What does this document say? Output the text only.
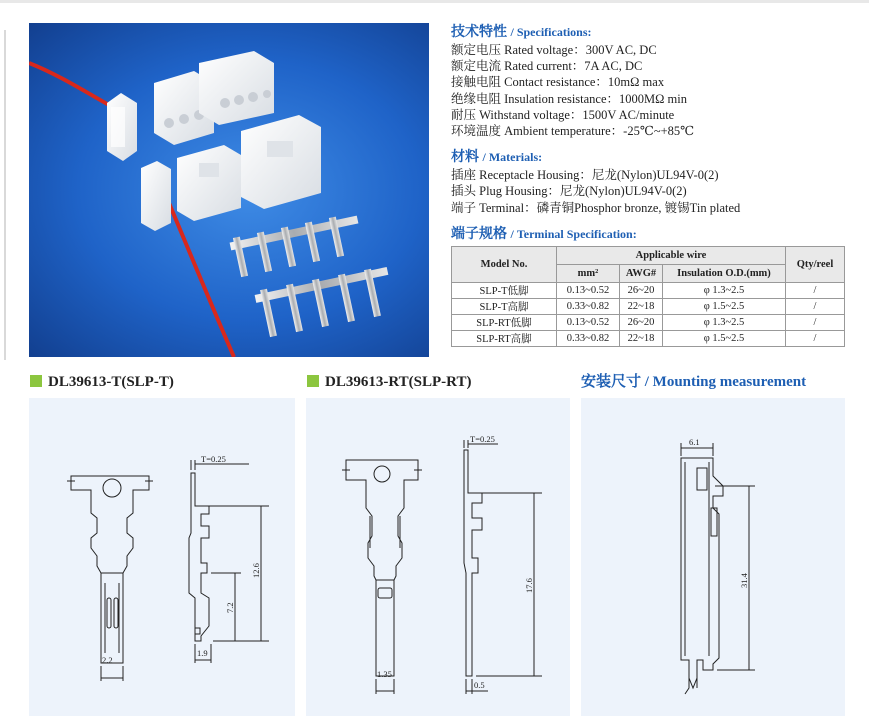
技术特性 / Specifications:
额定电压 Rated voltage：300V AC, DC
额定电流 Rated current：7A AC, DC
接触电阻 Contact resistance：10mΩ max
绝缘电阻 Insulation resistance：1000MΩ min
耐压 Withstand voltage：1500V AC/minute
环境温度 Ambient temperature：-25℃~+85℃
材料 / Materials:
插座 Receptacle Housing：尼龙(Nylon)UL94V-0(2)
插头 Plug Housing：尼龙(Nylon)UL94V-0(2)
端子 Terminal：磷青铜Phosphor bronze, 镀锡Tin plated
端子规格 / Terminal Specification:
Model No.	Applicable wire			Qty/reel
	mm²	AWG#	Insulation O.D.(mm)	
SLP-T低脚	0.13~0.52	26~20	φ 1.3~2.5	/
SLP-T高脚	0.33~0.82	22~18	φ 1.5~2.5	/
SLP-RT低脚	0.13~0.52	26~20	φ 1.3~2.5	/
SLP-RT高脚	0.33~0.82	22~18	φ 1.5~2.5	/
DL39613-T(SLP-T)	DL39613-RT(SLP-RT)	安装尺寸 / Mounting measurement
2.2
T=0.25
12.6
7.2
1.9
1.35
T=0.25
17.6
0.5
6.1
31.4
